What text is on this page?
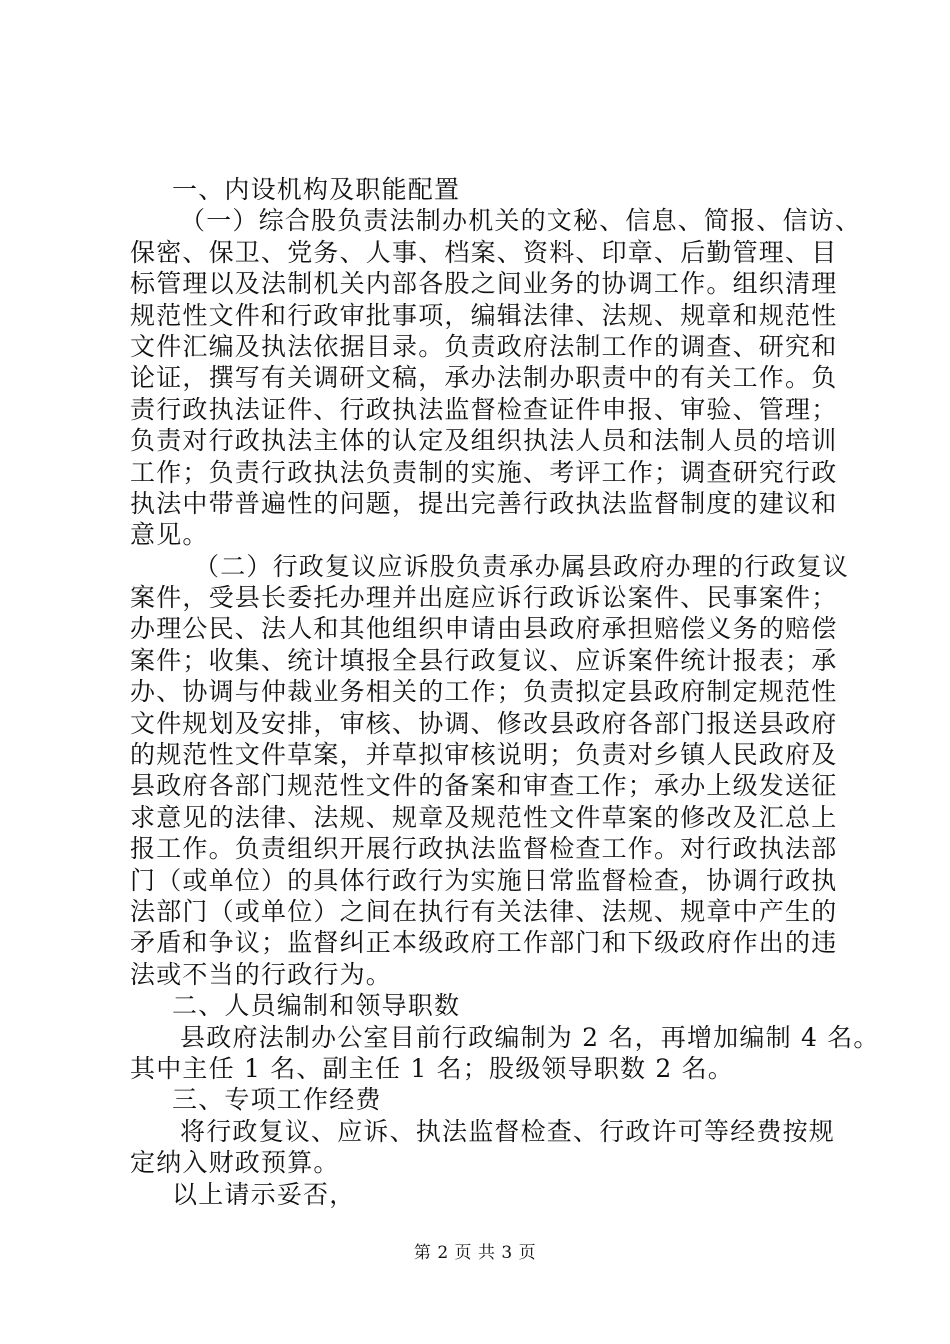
一、内设机构及职能配置
（一）综合股负责法制办机关的文秘、信息、简报、信访、
保密、保卫、党务、人事、档案、资料、印章、后勤管理、目
标管理以及法制机关内部各股之间业务的协调工作。组织清理
规范性文件和行政审批事项，编辑法律、法规、规章和规范性
文件汇编及执法依据目录。负责政府法制工作的调查、研究和
论证，撰写有关调研文稿，承办法制办职责中的有关工作。负
责行政执法证件、行政执法监督检查证件申报、审验、管理；
负责对行政执法主体的认定及组织执法人员和法制人员的培训
工作；负责行政执法负责制的实施、考评工作；调查研究行政
执法中带普遍性的问题，提出完善行政执法监督制度的建议和
意见。
（二）行政复议应诉股负责承办属县政府办理的行政复议
案件，受县长委托办理并出庭应诉行政诉讼案件、民事案件；
办理公民、法人和其他组织申请由县政府承担赔偿义务的赔偿
案件；收集、统计填报全县行政复议、应诉案件统计报表；承
办、协调与仲裁业务相关的工作；负责拟定县政府制定规范性
文件规划及安排，审核、协调、修改县政府各部门报送县政府
的规范性文件草案，并草拟审核说明；负责对乡镇人民政府及
县政府各部门规范性文件的备案和审查工作；承办上级发送征
求意见的法律、法规、规章及规范性文件草案的修改及汇总上
报工作。负责组织开展行政执法监督检查工作。对行政执法部
门（或单位）的具体行政行为实施日常监督检查，协调行政执
法部门（或单位）之间在执行有关法律、法规、规章中产生的
矛盾和争议；监督纠正本级政府工作部门和下级政府作出的违
法或不当的行政行为。
二、人员编制和领导职数
县政府法制办公室目前行政编制为 2 名，再增加编制 4 名。
其中主任 1 名、副主任 1 名；股级领导职数 2 名。
三、专项工作经费
将行政复议、应诉、执法监督检查、行政许可等经费按规
定纳入财政预算。
以上请示妥否，
第 2 页 共 3 页
